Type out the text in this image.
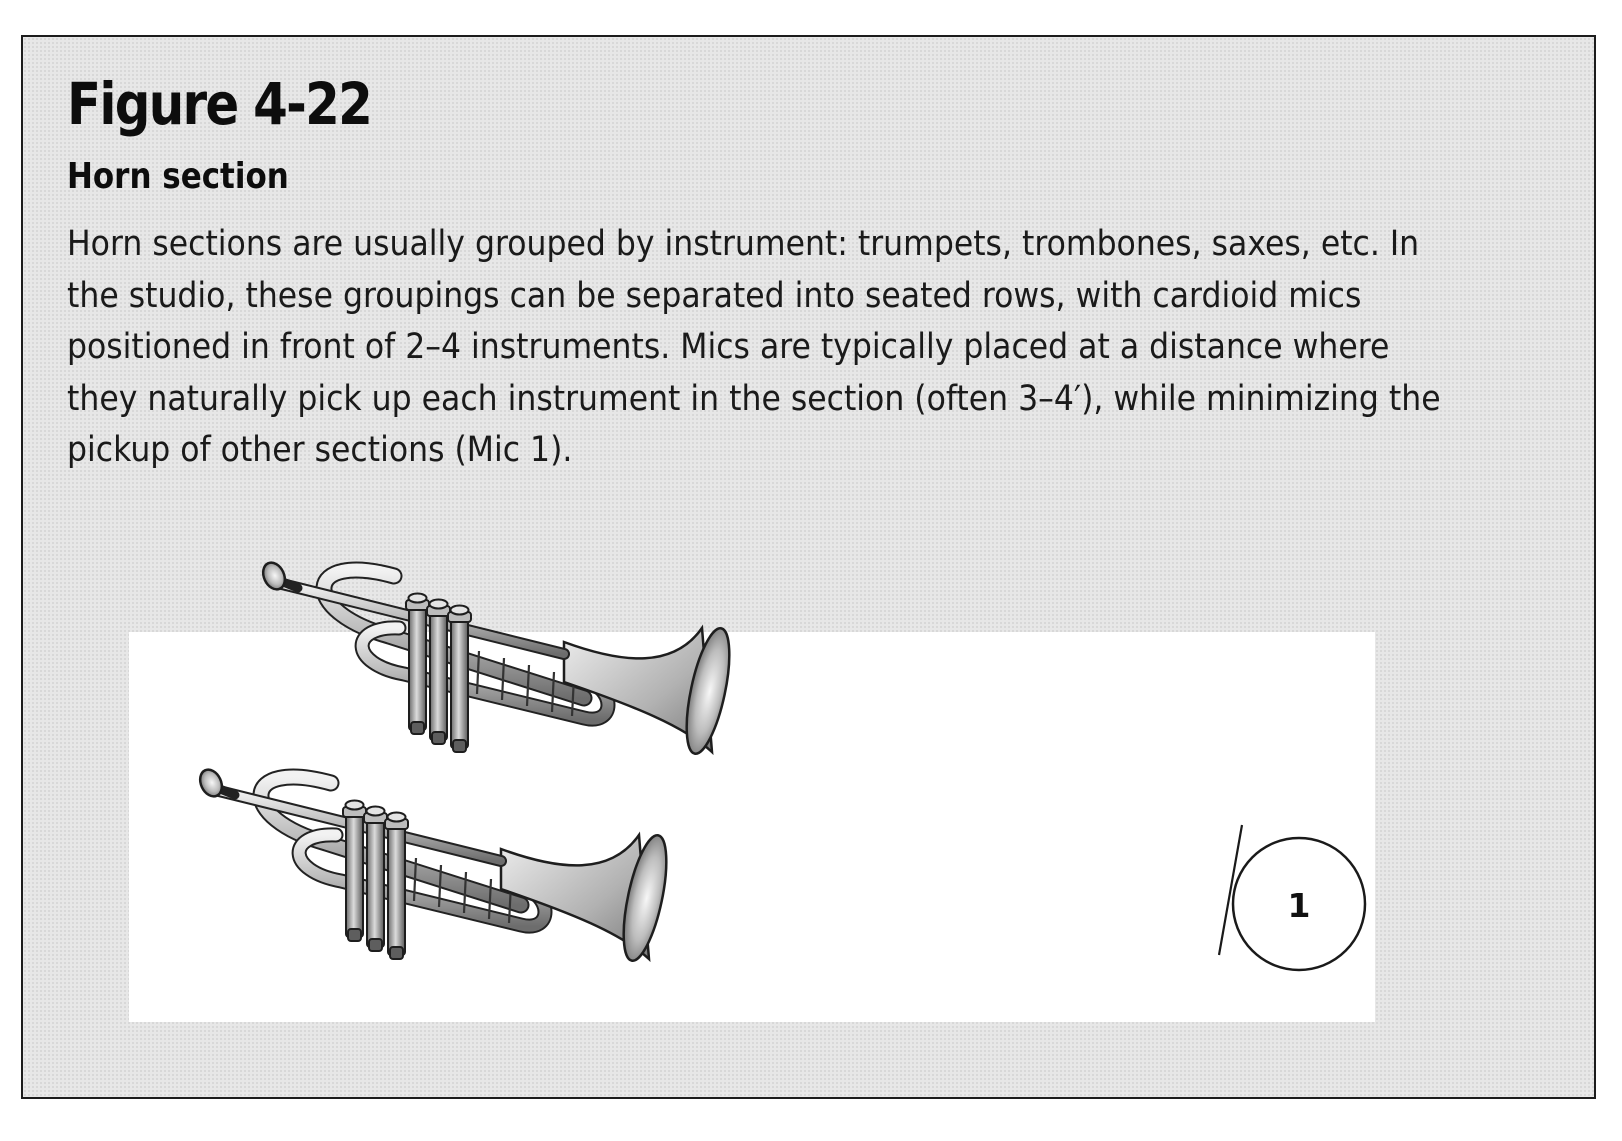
Figure 4-22
Horn section

Horn sections are usually grouped by instrument: trumpets, trombones, saxes, etc. In the studio, these groupings can be separated into seated rows, with cardioid mics positioned in front of 2–4 instruments. Mics are typically placed at a distance where they naturally pick up each instrument in the section (often 3–4′), while minimizing the pickup of other sections (Mic 1).

1
